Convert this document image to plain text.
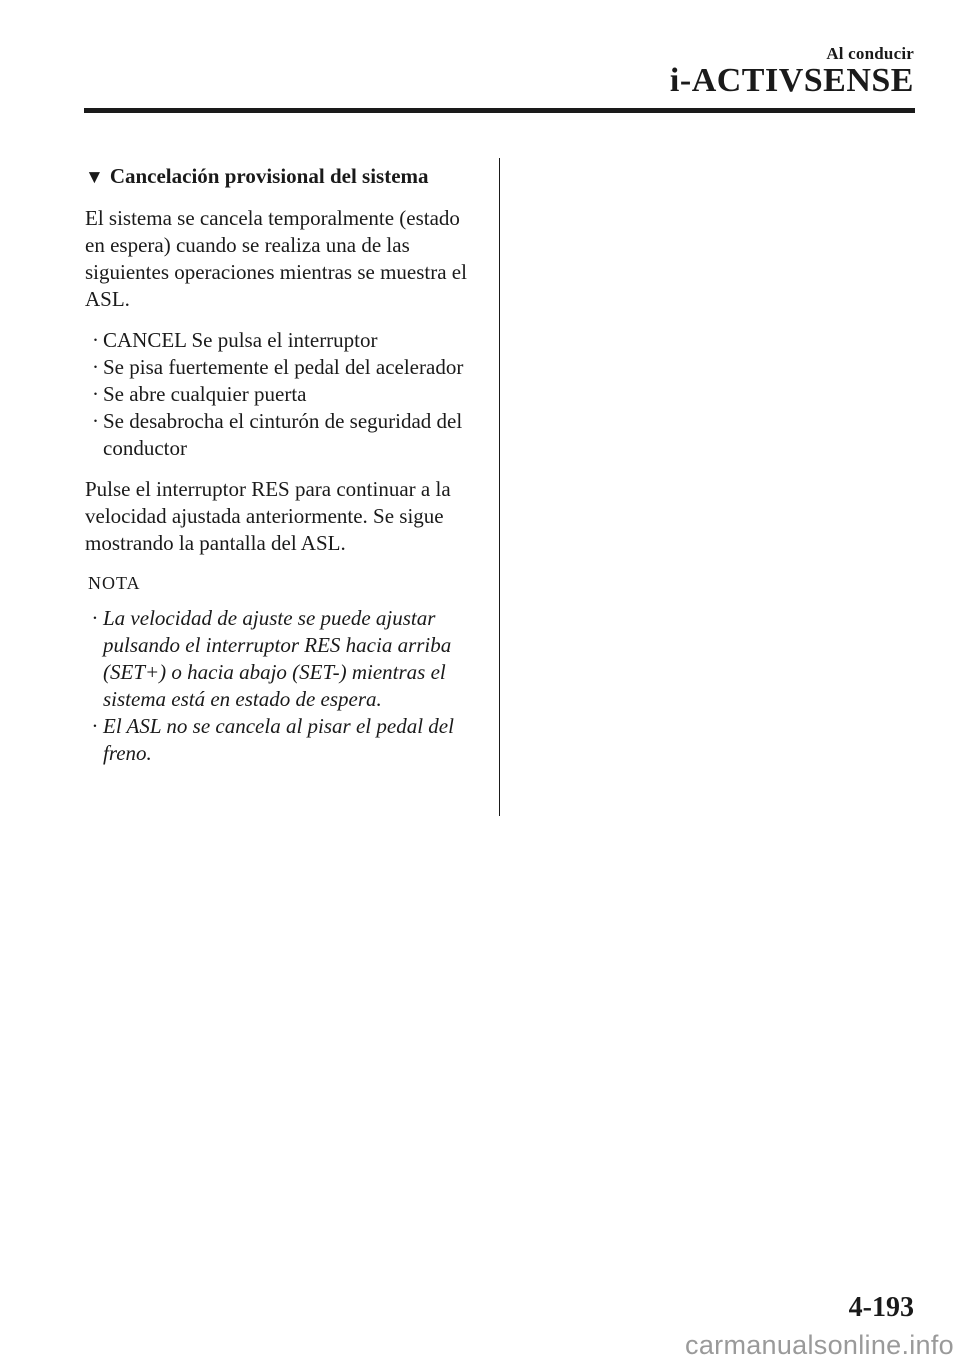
Al conducir
i-ACTIVSENSE
▼ Cancelación provisional del sistema

El sistema se cancela temporalmente (estado en espera) cuando se realiza una de las siguientes operaciones mientras se muestra el ASL.

· CANCEL Se pulsa el interruptor
· Se pisa fuertemente el pedal del acelerador
· Se abre cualquier puerta
· Se desabrocha el cinturón de seguridad del conductor

Pulse el interruptor RES para continuar a la velocidad ajustada anteriormente. Se sigue mostrando la pantalla del ASL.

NOTA
· La velocidad de ajuste se puede ajustar pulsando el interruptor RES hacia arriba (SET+) o hacia abajo (SET-) mientras el sistema está en estado de espera.
· El ASL no se cancela al pisar el pedal del freno.
4-193
carmanualsonline.info
